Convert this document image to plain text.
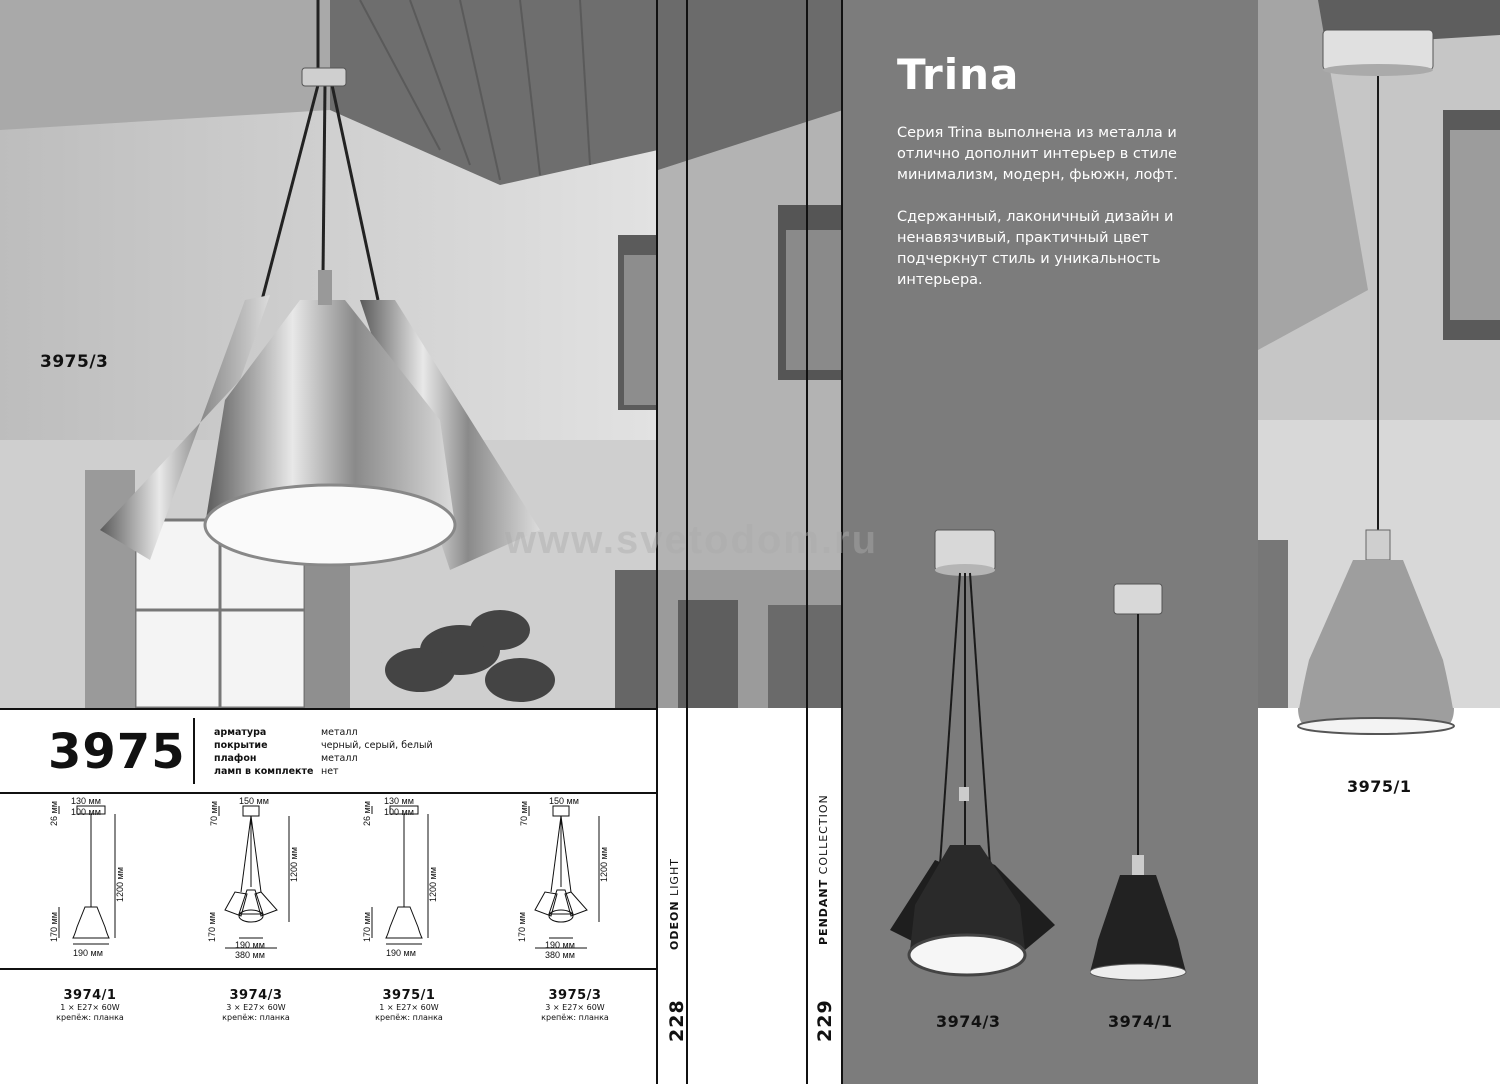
3975/3
3975	арматура	металл
покрытие	черный, серый, белый
плафон	металл
ламп в комплекте нет
130 мм
100 мм
26 мм
1200 мм
170 мм
190 мм
150 мм
70 мм
1200 мм
170 мм
190 мм
380 мм
130 мм
100 мм
26 мм
1200 мм
170 мм
190 мм
150 мм
70 мм
1200 мм
170 мм
190 мм
380 мм
3974/1
1 × E27× 60W
крепёж: планка
3974/3
3 × E27× 60W
крепёж: планка
3975/1
1 × E27× 60W
крепёж: планка
3975/3
3 × E27× 60W
крепёж: планка
ODEON LIGHT
228
PENDANT COLLECTION
229
Trina
Серия Trina выполнена из металла и отлично дополнит интерьер в стиле минимализм, модерн, фьюжн, лофт.
Сдержанный, лаконичный дизайн и ненавязчивый, практичный цвет подчеркнут стиль и уникальность интерьера.
3974/3	3974/1
3975/1
www.svetodom.ru
